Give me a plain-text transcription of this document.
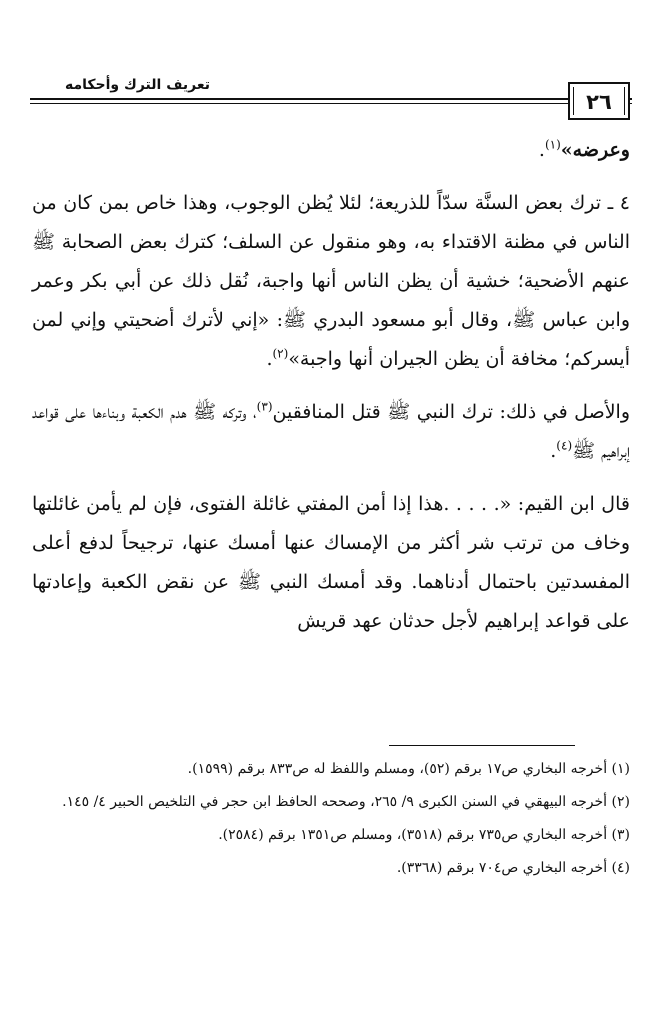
تعريف الترك وأحكامه
٢٦

وعرضه»$^{(١)}$.

٤ ـ ترك بعض السنَّة سدّاً للذريعة؛ لئلا يُظن الوجوب، وهذا خاص بمن كان من الناس في مظنة الاقتداء به، وهو منقول عن السلف؛ كترك بعض الصحابة ﷺ عنهم الأضحية؛ خشية أن يظن الناس أنها واجبة، نُقل ذلك عن أبي بكر وعمر وابن عباس ﷺ، وقال أبو مسعود البدري ﷺ: «إني لأترك أضحيتي وإني لمن أيسركم؛ مخافة أن يظن الجيران أنها واجبة»$^{(٢)}$.

والأصل في ذلك: ترك النبي ﷺ قتل المنافقين$^{(٣)}$، وتركه ﷺ هدم الكعبة وبناءها على قواعد إبراهيم ﷺ$^{(٤)}$.

قال ابن القيم: «. . . . .هذا إذا أمن المفتي غائلة الفتوى، فإن لم يأمن غائلتها وخاف من ترتب شر أكثر من الإمساك عنها أمسك عنها، ترجيحاً لدفع أعلى المفسدتين باحتمال أدناهما. وقد أمسك النبي ﷺ عن نقض الكعبة وإعادتها على قواعد إبراهيم لأجل حدثان عهد قريش

(١) أخرجه البخاري ص١٧ برقم (٥٢)، ومسلم واللفظ له ص٨٣٣ برقم (١٥٩٩).

(٢) أخرجه البيهقي في السنن الكبرى ٩/ ٢٦٥، وصححه الحافظ ابن حجر في التلخيص الحبير ٤/ ١٤٥.

(٣) أخرجه البخاري ص٧٣٥ برقم (٣٥١٨)، ومسلم ص١٣٥١ برقم (٢٥٨٤).

(٤) أخرجه البخاري ص٧٠٤ برقم (٣٣٦٨).
